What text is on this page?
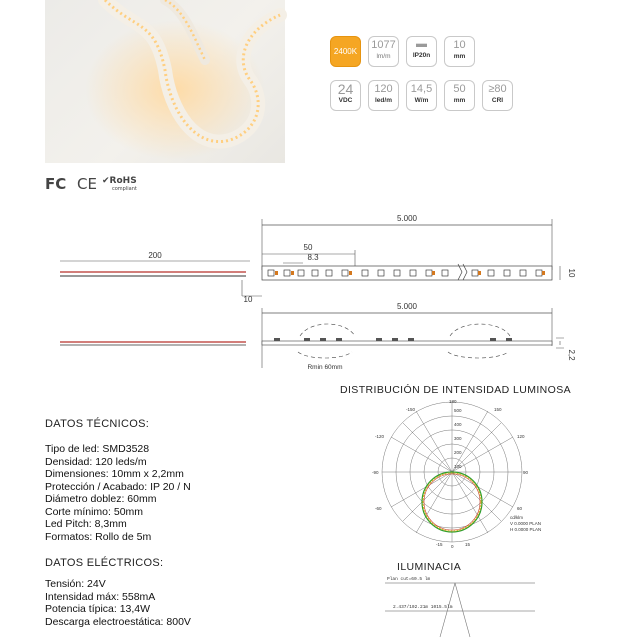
2400K
1077
lm/m
▬
IP20n
10
mm
24
VDC
120
led/m
14,5
W/m
50
mm
≥80
CRI
FC CE ✔RoHS
compliant
5.000
50
8.3
200
10
10
5.000
Rmin 60mm
2,2
DISTRIBUCIÓN DE INTENSIDAD LUMINOSA
-150
180
150
-120
-90
-60
120
90
60
-15 0	15
100
200
300
400
500
cd/klm
V 0.0000 PLAN
H 0.0000 PLAN
ILUMINACIA
Plan cut=60.5 lm
2.437/102.21m 1015.5lm
DATOS TÉCNICOS:
Tipo de led: SMD3528
Densidad: 120 leds/m
Dimensiones: 10mm x 2,2mm
Protección / Acabado: IP 20 / N
Diámetro doblez: 60mm
Corte mínimo: 50mm
Led Pitch: 8,3mm
Formatos: Rollo de 5m
DATOS ELÉCTRICOS:
Tensión: 24V
Intensidad máx: 558mA
Potencia típica: 13,4W
Descarga electroestática: 800V
